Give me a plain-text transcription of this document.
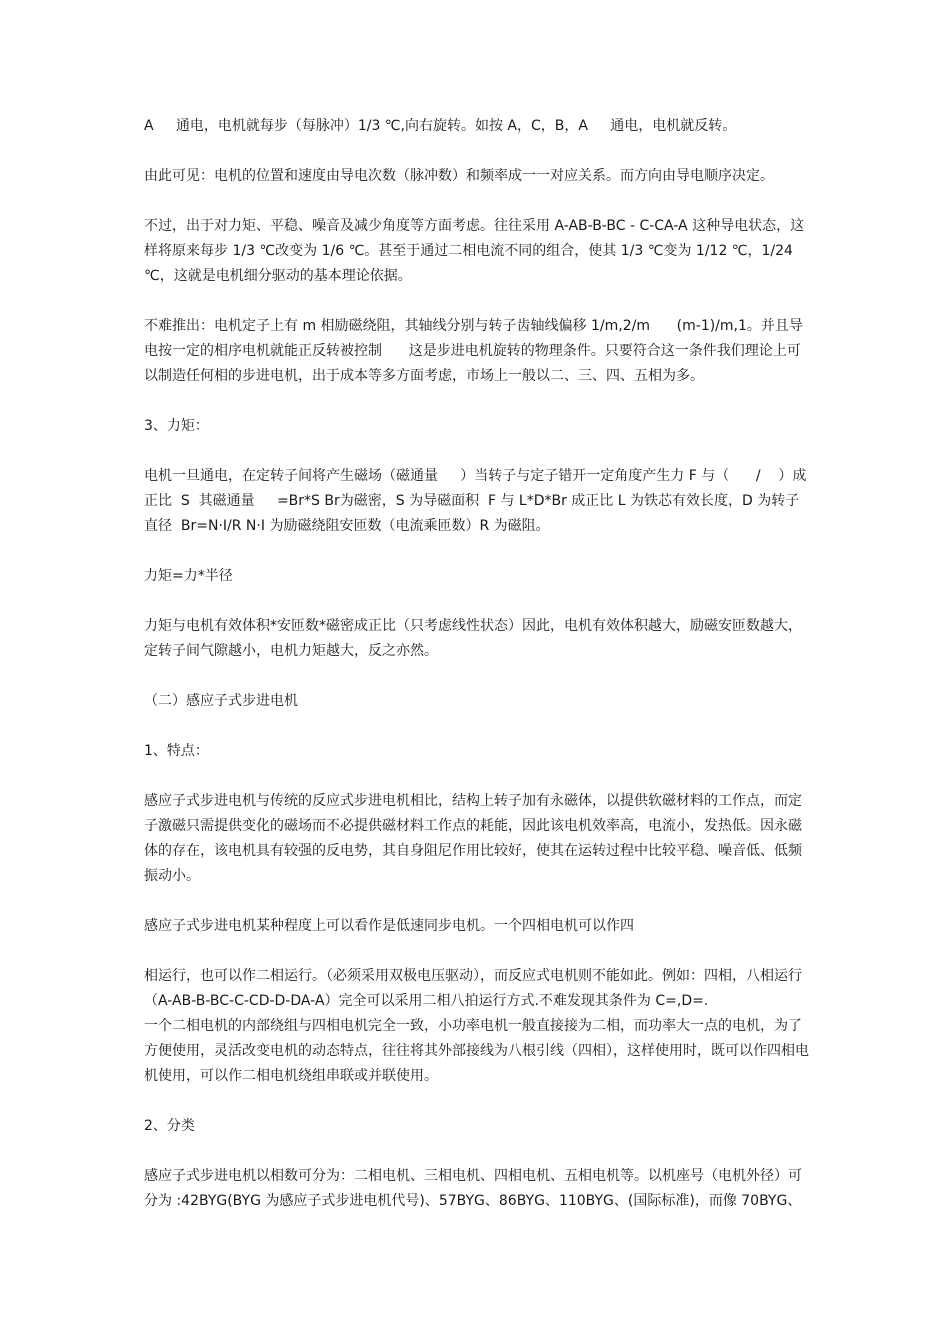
A     通电，电机就每步（每脉冲）1/3 ℃,向右旋转。如按 A，C，B，A     通电，电机就反转。

由此可见：电机的位置和速度由导电次数（脉冲数）和频率成一一对应关系。而方向由导电顺序决定。

不过，出于对力矩、平稳、噪音及减少角度等方面考虑。往往采用 A-AB-B-BC - C-CA-A 这种导电状态，这样将原来每步 1/3 ℃改变为 1/6 ℃。甚至于通过二相电流不同的组合，使其 1/3 ℃变为 1/12 ℃，1/24 ℃，这就是电机细分驱动的基本理论依据。

不难推出：电机定子上有 m 相励磁绕阻，其轴线分别与转子齿轴线偏移 1/m,2/m      (m-1)/m,1。并且导电按一定的相序电机就能正反转被控制      这是步进电机旋转的物理条件。只要符合这一条件我们理论上可以制造任何相的步进电机，出于成本等多方面考虑，市场上一般以二、三、四、五相为多。

3、力矩：

电机一旦通电，在定转子间将产生磁场（磁通量     ）当转子与定子错开一定角度产生力 F 与（      /    ）成正比  S  其磁通量     =Br*S Br为磁密，S 为导磁面积  F 与 L*D*Br 成正比 L 为铁芯有效长度，D 为转子直径  Br=N·I/R N·I 为励磁绕阻安匝数（电流乘匝数）R 为磁阻。

力矩=力*半径

力矩与电机有效体积*安匝数*磁密成正比（只考虑线性状态）因此，电机有效体积越大，励磁安匝数越大，定转子间气隙越小，电机力矩越大，反之亦然。

（二）感应子式步进电机

1、特点：

感应子式步进电机与传统的反应式步进电机相比，结构上转子加有永磁体，以提供软磁材料的工作点，而定子激磁只需提供变化的磁场而不必提供磁材料工作点的耗能，因此该电机效率高，电流小，发热低。因永磁体的存在，该电机具有较强的反电势，其自身阻尼作用比较好，使其在运转过程中比较平稳、噪音低、低频振动小。

感应子式步进电机某种程度上可以看作是低速同步电机。一个四相电机可以作四

相运行，也可以作二相运行。（必须采用双极电压驱动），而反应式电机则不能如此。例如：四相，八相运行（A-AB-B-BC-C-CD-D-DA-A）完全可以采用二相八拍运行方式.不难发现其条件为 C=,D=.

一个二相电机的内部绕组与四相电机完全一致，小功率电机一般直接接为二相，而功率大一点的电机，为了方便使用，灵活改变电机的动态特点，往往将其外部接线为八根引线（四相），这样使用时，既可以作四相电机使用，可以作二相电机绕组串联或并联使用。

2、分类

感应子式步进电机以相数可分为：二相电机、三相电机、四相电机、五相电机等。以机座号（电机外径）可分为 :42BYG(BYG 为感应子式步进电机代号)、57BYG、86BYG、110BYG、(国际标准)，而像 70BYG、
